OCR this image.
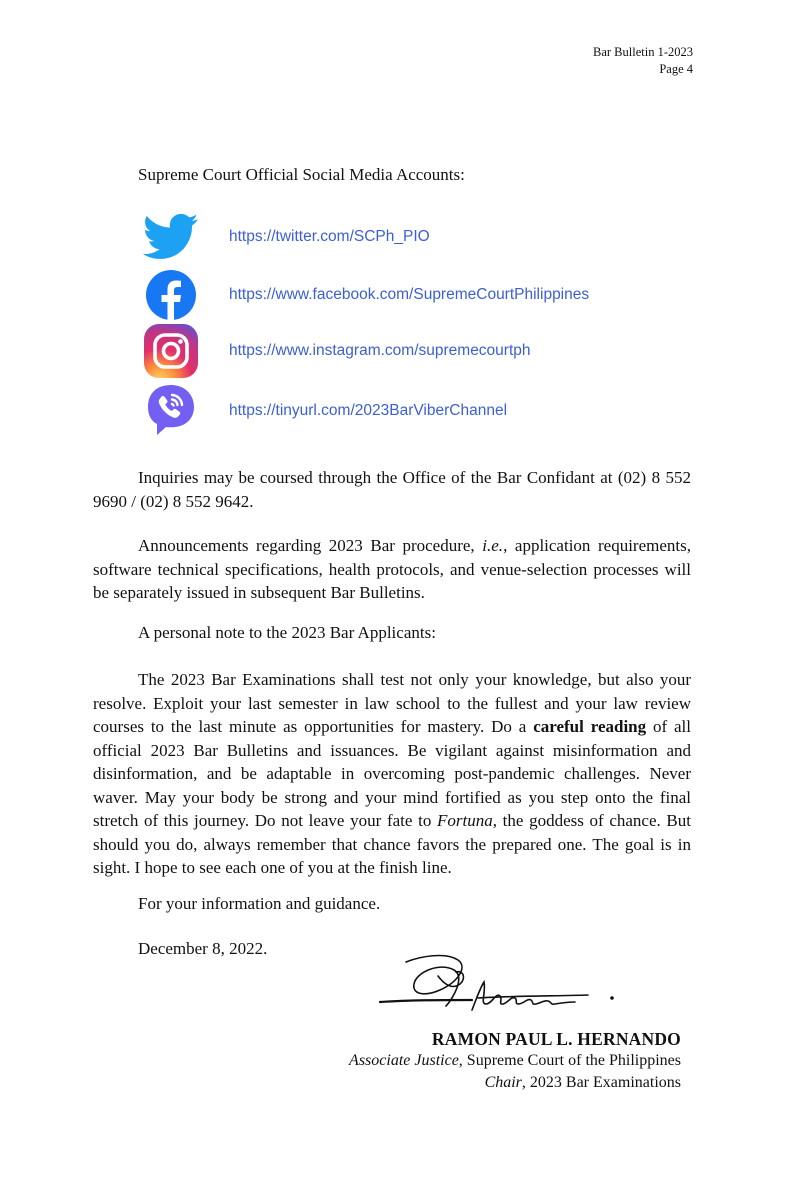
Bar Bulletin 1-2023
Page 4
Supreme Court Official Social Media Accounts:
https://twitter.com/SCPh_PIO
https://www.facebook.com/SupremeCourtPhilippines
https://www.instagram.com/supremecourtph
https://tinyurl.com/2023BarViberChannel

Inquiries may be coursed through the Office of the Bar Confidant at (02) 8 552 9690 / (02) 8 552 9642.

Announcements regarding 2023 Bar procedure, i.e., application requirements, software technical specifications, health protocols, and venue-selection processes will be separately issued in subsequent Bar Bulletins.

A personal note to the 2023 Bar Applicants:

The 2023 Bar Examinations shall test not only your knowledge, but also your resolve. Exploit your last semester in law school to the fullest and your law review courses to the last minute as opportunities for mastery. Do a careful reading of all official 2023 Bar Bulletins and issuances. Be vigilant against misinformation and disinformation, and be adaptable in overcoming post-pandemic challenges. Never waver. May your body be strong and your mind fortified as you step onto the final stretch of this journey. Do not leave your fate to Fortuna, the goddess of chance. But should you do, always remember that chance favors the prepared one. The goal is in sight. I hope to see each one of you at the finish line.

For your information and guidance.
December 8, 2022.
RAMON PAUL L. HERNANDO
Associate Justice, Supreme Court of the Philippines
Chair, 2023 Bar Examinations
